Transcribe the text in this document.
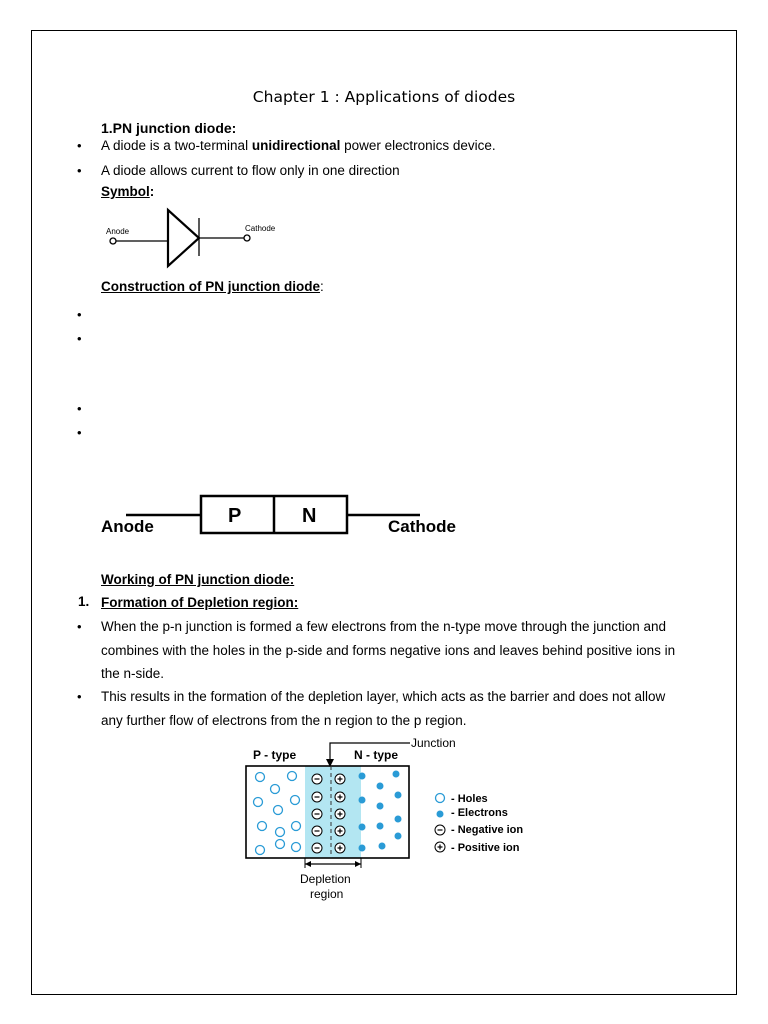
Chapter 1 : Applications of diodes
1.PN junction diode:
• A diode is a two-terminal unidirectional power electronics device.
• A diode allows current to flow only in one direction
Symbol:
Anode	Cathode
Construction of PN junction diode:
•
•
•
•
P	N
Anode	Cathode
Working of PN junction diode:
1. Formation of Depletion region:
• When the p-n junction is formed a few electrons from the n-type move through the junction and combines with the holes in the p-side and forms negative ions and leaves behind positive ions in the n-side.
• This results in the formation of the depletion layer, which acts as the barrier and does not allow any further flow of electrons from the n region to the p region.
P - type	N - type
Junction
Depletion
region
- Holes
- Electrons
- Negative ion
- Positive ion
